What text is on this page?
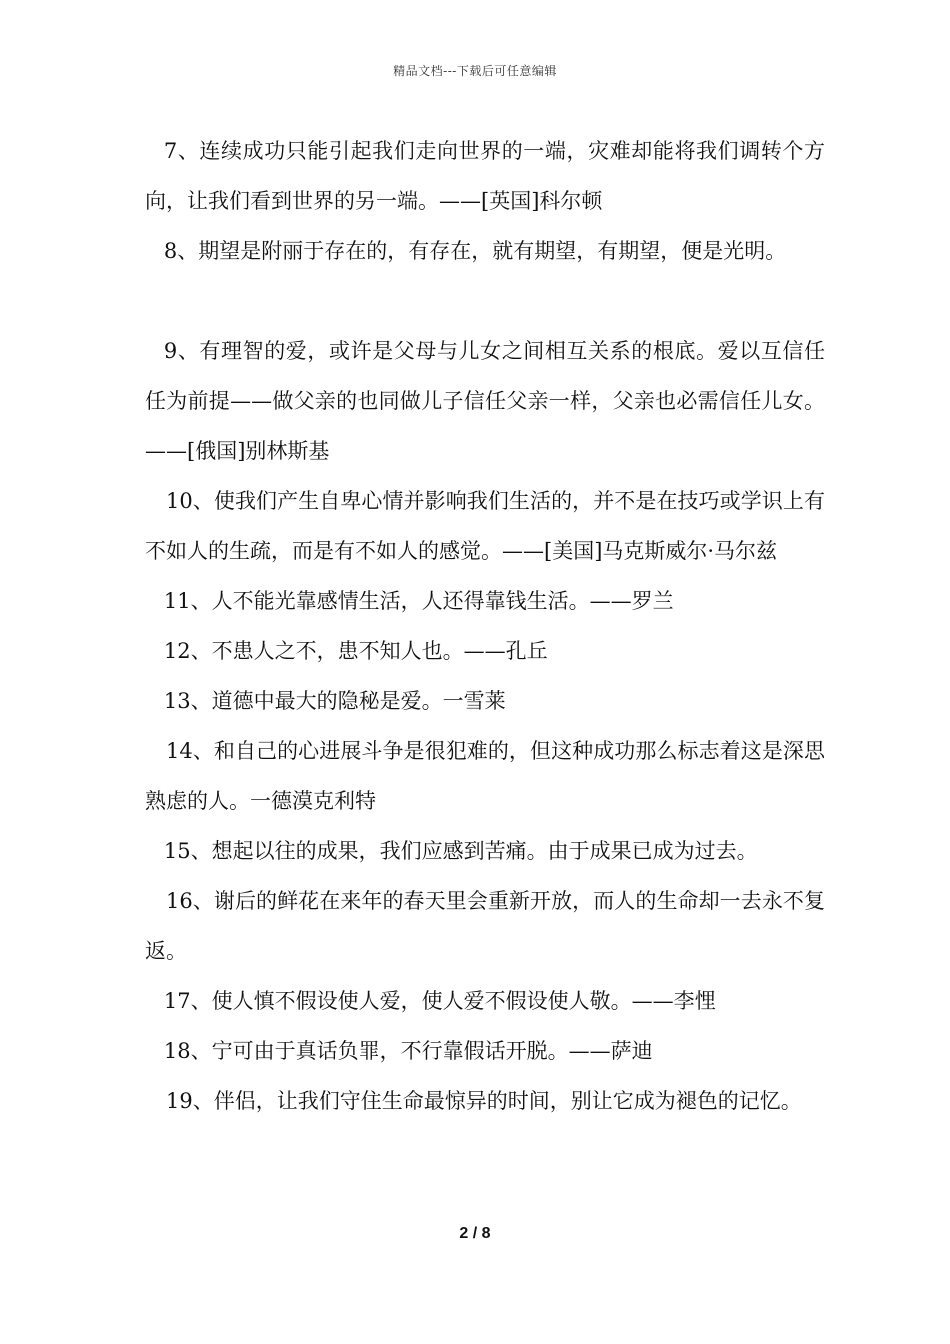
精品文档---下载后可任意编辑

7、连续成功只能引起我们走向世界的一端，灾难却能将我们调转个方向，让我们看到世界的另一端。——[英国]科尔顿

8、期望是附丽于存在的，有存在，就有期望，有期望，便是光明。

9、有理智的爱，或许是父母与儿女之间相互关系的根底。爱以互信任任为前提——做父亲的也同做儿子信任父亲一样，父亲也必需信任儿女。——[俄国]别林斯基

10、使我们产生自卑心情并影响我们生活的，并不是在技巧或学识上有不如人的生疏，而是有不如人的感觉。——[美国]马克斯威尔·马尔兹

11、人不能光靠感情生活，人还得靠钱生活。——罗兰

12、不患人之不，患不知人也。——孔丘

13、道德中最大的隐秘是爱。一雪莱

14、和自己的心进展斗争是很犯难的，但这种成功那么标志着这是深思熟虑的人。一德漠克利特

15、想起以往的成果，我们应感到苦痛。由于成果已成为过去。

16、谢后的鲜花在来年的春天里会重新开放，而人的生命却一去永不复返。

17、使人慎不假设使人爱，使人爱不假设使人敬。——李悝

18、宁可由于真话负罪，不行靠假话开脱。——萨迪

19、伴侣，让我们守住生命最惊异的时间，别让它成为褪色的记忆。

2 / 8
